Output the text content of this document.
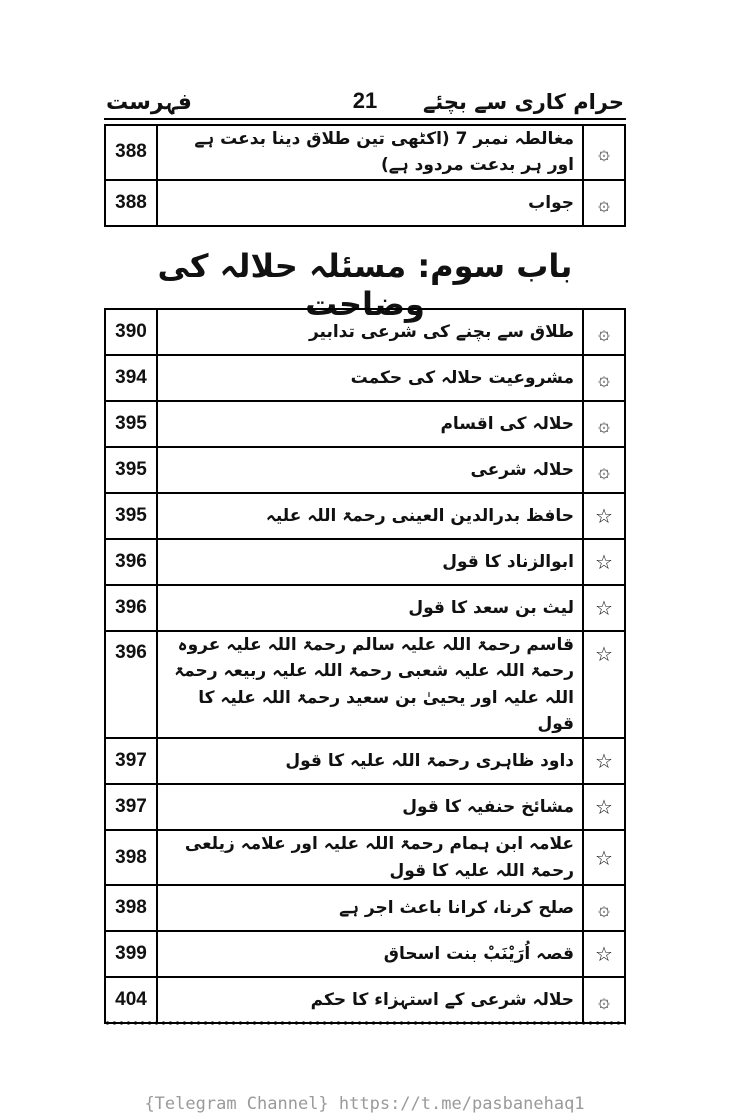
فہرست	21	حرام کاری سے بچئے
388	مغالطہ نمبر 7 (اکٹھی تین طلاق دینا بدعت ہے اور ہر بدعت مردود ہے)	۞
388	جواب	۞
باب سوم: مسئلہ حلالہ کی وضاحت
390	طلاق سے بچنے کی شرعی تدابیر	۞
394	مشروعیت حلالہ کی حکمت	۞
395	حلالہ کی اقسام	۞
395	حلالہ شرعی	۞
395	حافظ بدرالدین العینی رحمۃ اللہ علیہ	☆
396	ابوالزناد کا قول	☆
396	لیث بن سعد کا قول	☆
396	قاسم رحمۃ اللہ علیہ سالم رحمۃ اللہ علیہ عروہ رحمۃ اللہ علیہ شعبی رحمۃ اللہ علیہ ربیعہ رحمۃ اللہ علیہ اور یحییٰ بن سعید رحمۃ اللہ علیہ کا قول	☆
397	داود ظاہری رحمۃ اللہ علیہ کا قول	☆
397	مشائخ حنفیہ کا قول	☆
398	علامہ ابن ہمام رحمۃ اللہ علیہ اور علامہ زیلعی رحمۃ اللہ علیہ کا قول	☆
398	صلح کرنا، کرانا باعث اجر ہے	۞
399	قصہ اُرَیْنَبْ بنت اسحاق	☆
404	حلالہ شرعی کے استہزاء کا حکم	۞
{Telegram Channel} https://t.me/pasbanehaq1
